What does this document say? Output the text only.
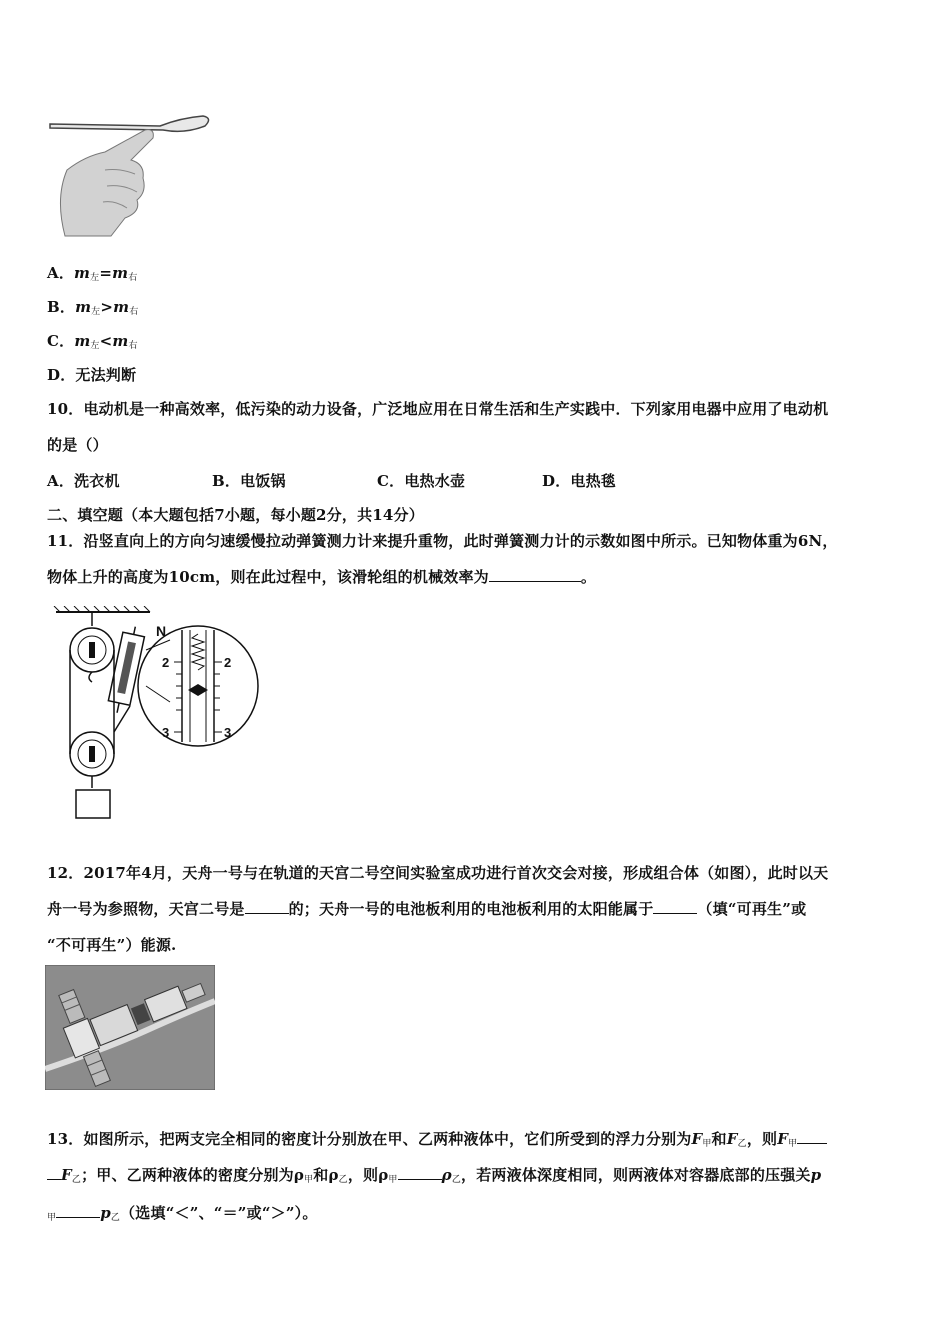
A．$m_左=m_右$
B．$m_左>m_右$
C．$m_左<m_右$
D．无法判断
10．电动机是一种高效率，低污染的动力设备，广泛地应用在日常生活和生产实践中．下列家用电器中应用了电动机
的是（）
A．洗衣机	B．电饭锅	C．电热水壶	D．电热毯
二、填空题（本大题包括7小题，每小题2分，共14分）
11．沿竖直向上的方向匀速缓慢拉动弹簧测力计来提升重物，此时弹簧测力计的示数如图中所示。已知物体重为6N，
物体上升的高度为10cm，则在此过程中，该滑轮组的机械效率为	。
N
2	2
3	3
12．2017年4月，天舟一号与在轨道的天宫二号空间实验室成功进行首次交会对接，形成组合体（如图），此时以天
舟一号为参照物，天宫二号是	的；天舟一号的电池板利用的电池板利用的太阳能属于	（填“可再生”或
“不可再生”）能源.
13．如图所示，把两支完全相同的密度计分别放在甲、乙两种液体中，它们所受到的浮力分别为$F_甲$和$F_乙$，则$F_甲$
$F_乙$；甲、乙两种液体的密度分别为$\rho_甲$和$\rho_乙$，则$\rho_甲$	$\rho_乙$，若两液体深度相同，则两液体对容器底部的压强关p
$_甲$	$p_乙$（选填“＜”、“＝”或“＞”）。
